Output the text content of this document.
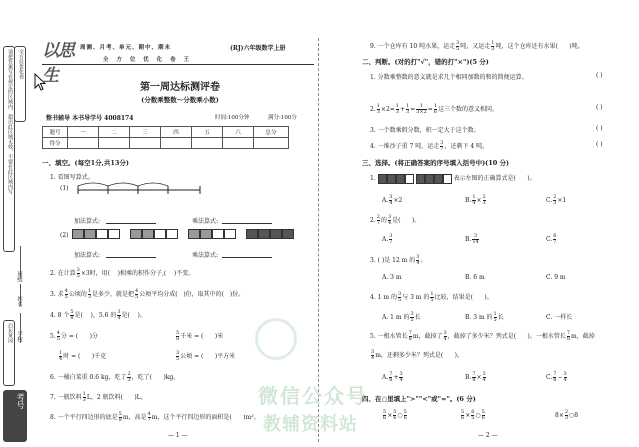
请把答案写在规定的区域内，超出此区域无效，不要在此区域内写	全方位优化卷
班级
姓名
学校
启东黄冈
考号
以思生
周测、月考、单元、期中、期末	(RJ)六年级数学上册
全 方 位 优 化 卷 王
第一周达标测评卷
(分数乘整数～分数乘小数)
整书辅导 本书导学号 4008174	时间:100分钟	满分:100分
题号	一	二	三	四	五	六	总分
得分							
一、填空。(每空1分,共13分)
1. 看图写算式。
(1)
加法算式:	乘法算式:
(2)

加法算式:	乘法算式:
2. 在计算 $\frac{3}{5} \times 3$时，用( )相乘的积作分子,( )不变。
3. 求 $\frac{4}{5}$ 公顷的 $\frac{1}{3}$ 是多少，就是把 $\frac{4}{5}$ 公顷平均分成( )份，取其中的( )份。
4. 8 个 $\frac{5}{8}$ 是( )，5.6 的 $\frac{3}{4}$ 是( )。
5. $\frac{4}{5}$ 分 = ( )分	$\frac{5}{8}$ 千米 = ( )米
$\frac{1}{4}$ 时 = ( )千克	$\frac{3}{5}$ 公顷 = ( )平方米
6. 一桶白菜重 0.6 kg，吃了 $\frac{2}{3}$ ，吃了( )kg。
7. 一瓶饮料 $\frac{1}{3}$ L，2 瓶饮料( )L。
8. 一个平行四边形的底是 $\frac{5}{8}$ m，高是 $\frac{4}{7}$ m，这个平行四边形的面积是( )m²。
— 1 —
微信公众号
教辅资料站
9. 一个仓库有 10 吨水果，运走 $\frac{3}{5}$ 吨，又运走 $\frac{1}{3}$ 吨，这个仓库还有水果( )吨。
二、判断。(对的打"√"，错的打"×")(5 分)
1. 分数乘整数的意义就是求几个相同加数的和的简便运算。	( )
2. $\frac{1}{3} \times 2= \frac{1}{3} + \frac{1}{3} = \frac{1}{3\times 2} = \frac{1}{6}$ 这三个数的意义相同。	( )
3. 一个数乘假分数，积一定大于这个数。	( )
4. 一堆沙子重 7 吨，运走 $\frac{3}{7}$ ，还剩下 4 吨。	( )
三、选择。(将正确答案的序号填入括号中)(10 分)
1.	表示左图的正确算式是( )。
A. $\frac{3}{4} \times 2$	B. $\frac{1}{4} \times \frac{2}{3}$	C. $\frac{2}{3} \times 1$
2. $\frac{2}{7}$ 的 $\frac{3}{4}$ 是( )。
A. $\frac{3}{7}$	B. $\frac{3}{14}$	C. $\frac{6}{7}$
3. ( )是 12 m 的 $\frac{3}{4}$ 。
A. 3 m	B. 6 m	C. 9 m
4. 1 m 的 $\frac{3}{5}$ 与 3 m 的 $\frac{1}{5}$ 比较，结果是( )。
A. 1 m 的 $\frac{3}{5}$ 长	B. 3 m 的 $\frac{1}{5}$ 长	C. 一样长
5. 一根水管长 $\frac{7}{8}$ m，截掉了 $\frac{3}{4}$ ，截掉了多少米？列式是( )。一根水管长 $\frac{7}{8}$ m，截掉
$\frac{3}{4}$ m，还剩多少米？列式是( )。
A. $\frac{7}{8} + \frac{3}{4}$	B. $\frac{7}{8} \times \frac{3}{4}$	C. $\frac{7}{8} - \frac{3}{4}$
四、在○里填上">""<"或"="。(6 分)
$\frac{5}{6} \times \frac{5}{6}$ ○ $\frac{5}{6}$	$\frac{5}{6} \times \frac{6}{5}$ ○ $\frac{5}{6}$	$8\times \frac{2}{3}$ ○8
— 2 —
